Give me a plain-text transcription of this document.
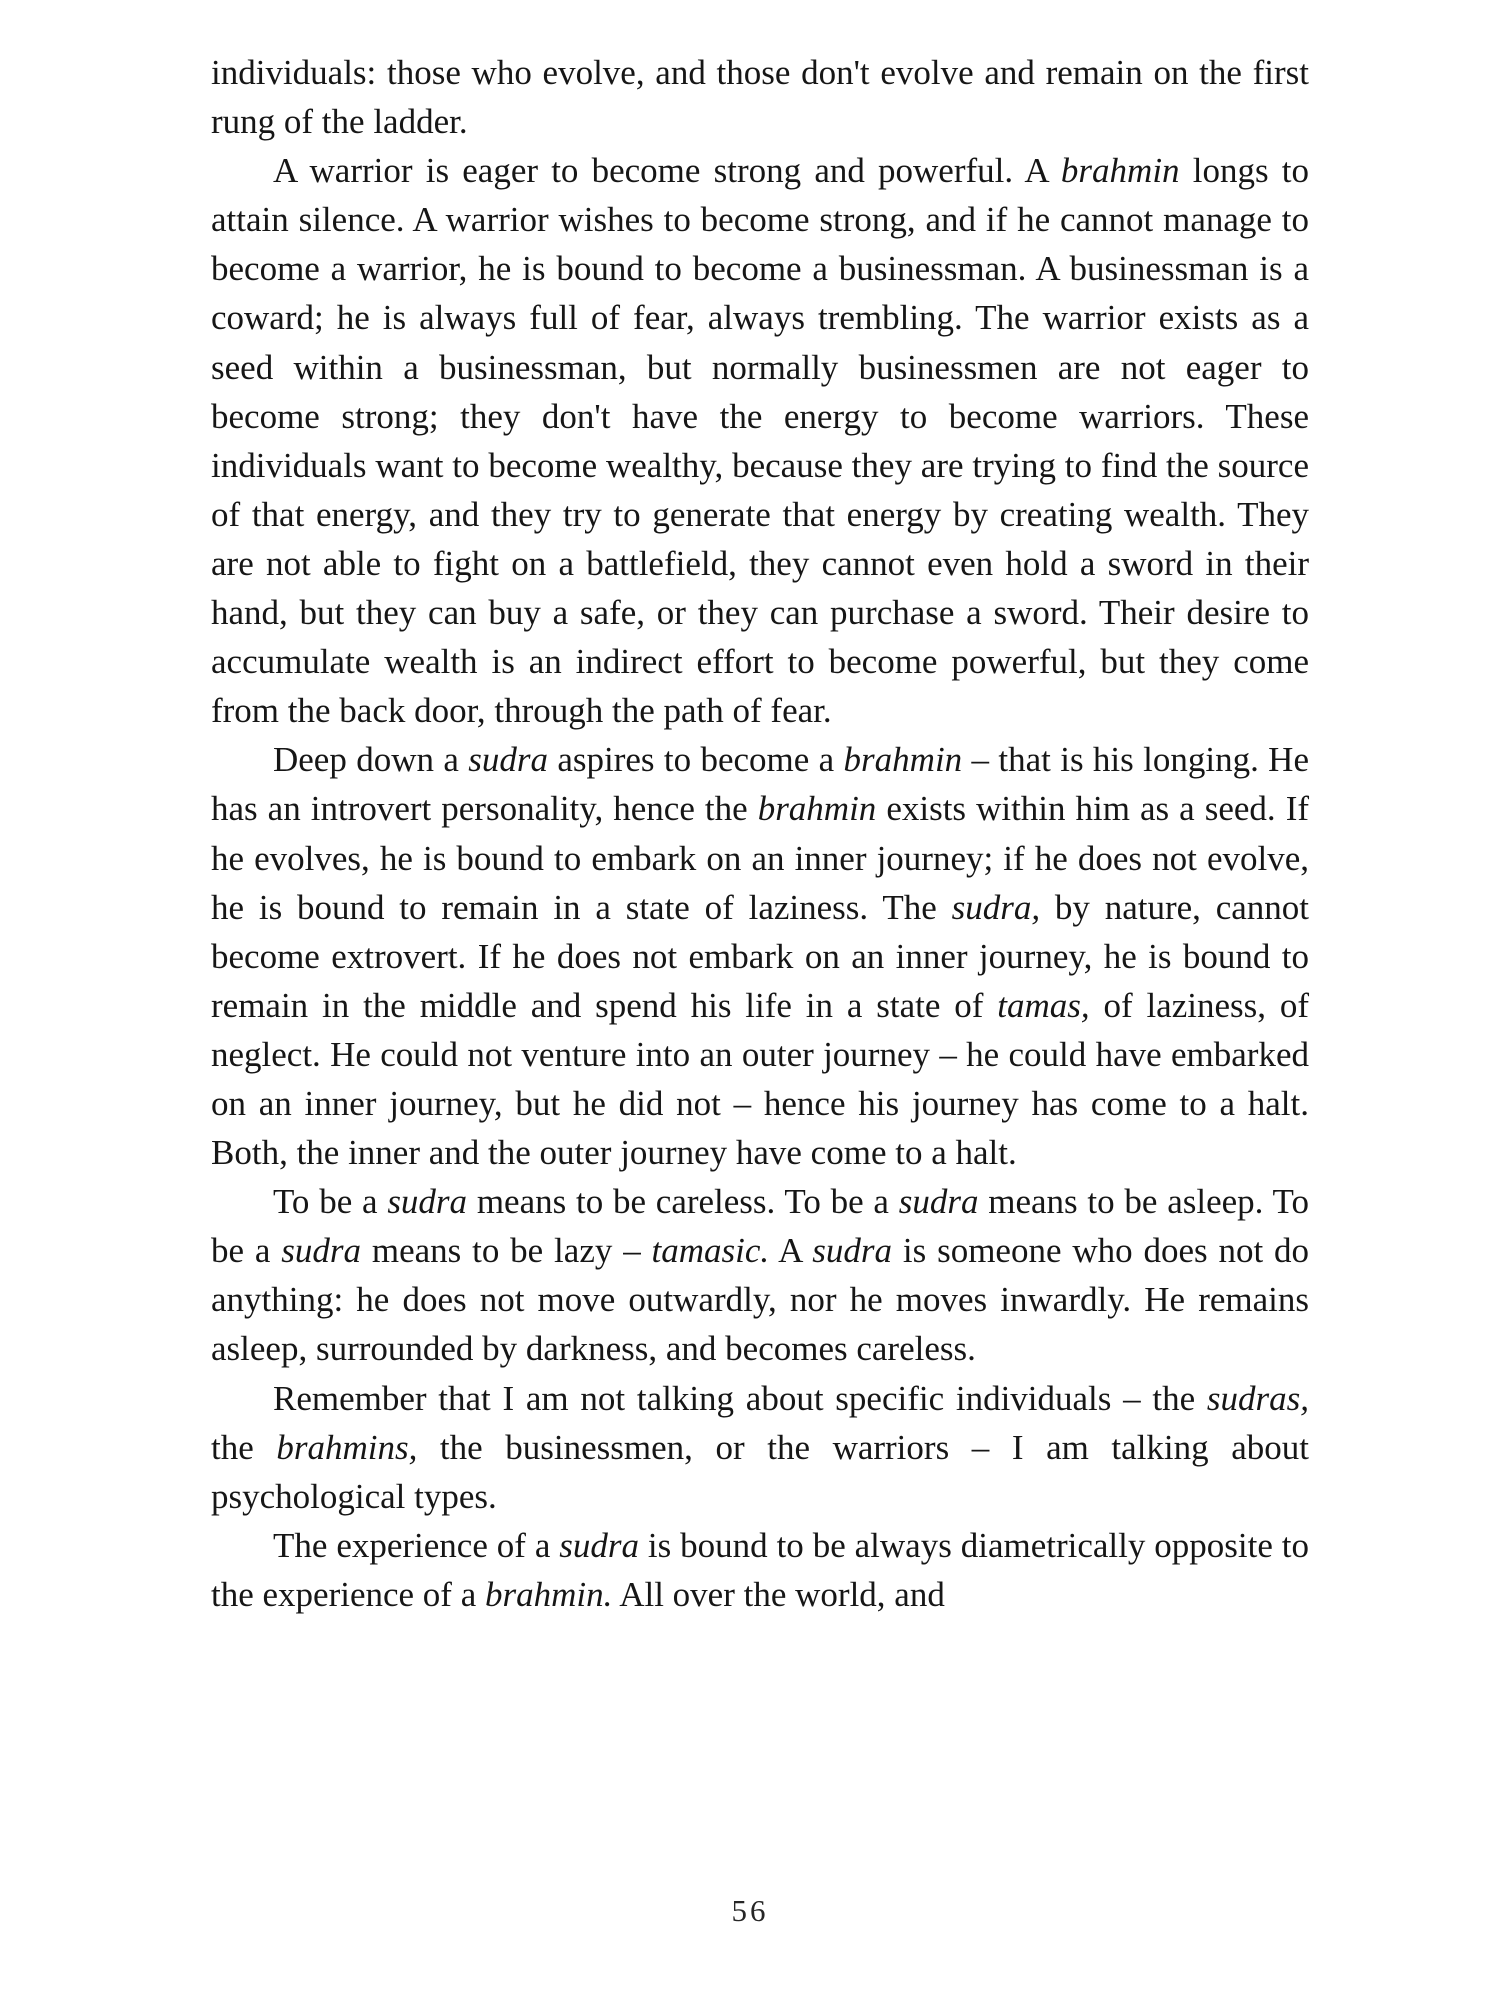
individuals: those who evolve, and those don't evolve and remain on the first rung of the ladder.

A warrior is eager to become strong and powerful. A brahmin longs to attain silence. A warrior wishes to become strong, and if he cannot manage to become a warrior, he is bound to become a businessman. A businessman is a coward; he is always full of fear, always trembling. The warrior exists as a seed within a businessman, but normally businessmen are not eager to become strong; they don't have the energy to become warriors. These individuals want to become wealthy, because they are trying to find the source of that energy, and they try to generate that energy by creating wealth. They are not able to fight on a battlefield, they cannot even hold a sword in their hand, but they can buy a safe, or they can purchase a sword. Their desire to accumulate wealth is an indirect effort to become powerful, but they come from the back door, through the path of fear.

Deep down a sudra aspires to become a brahmin – that is his longing. He has an introvert personality, hence the brahmin exists within him as a seed. If he evolves, he is bound to embark on an inner journey; if he does not evolve, he is bound to remain in a state of laziness. The sudra, by nature, cannot become extrovert. If he does not embark on an inner journey, he is bound to remain in the middle and spend his life in a state of tamas, of laziness, of neglect. He could not venture into an outer journey – he could have embarked on an inner journey, but he did not – hence his journey has come to a halt. Both, the inner and the outer journey have come to a halt.

To be a sudra means to be careless. To be a sudra means to be asleep. To be a sudra means to be lazy – tamasic. A sudra is someone who does not do anything: he does not move outwardly, nor he moves inwardly. He remains asleep, surrounded by darkness, and becomes careless.

Remember that I am not talking about specific individuals – the sudras, the brahmins, the businessmen, or the warriors – I am talking about psychological types.

The experience of a sudra is bound to be always diametrically opposite to the experience of a brahmin. All over the world, and

56
